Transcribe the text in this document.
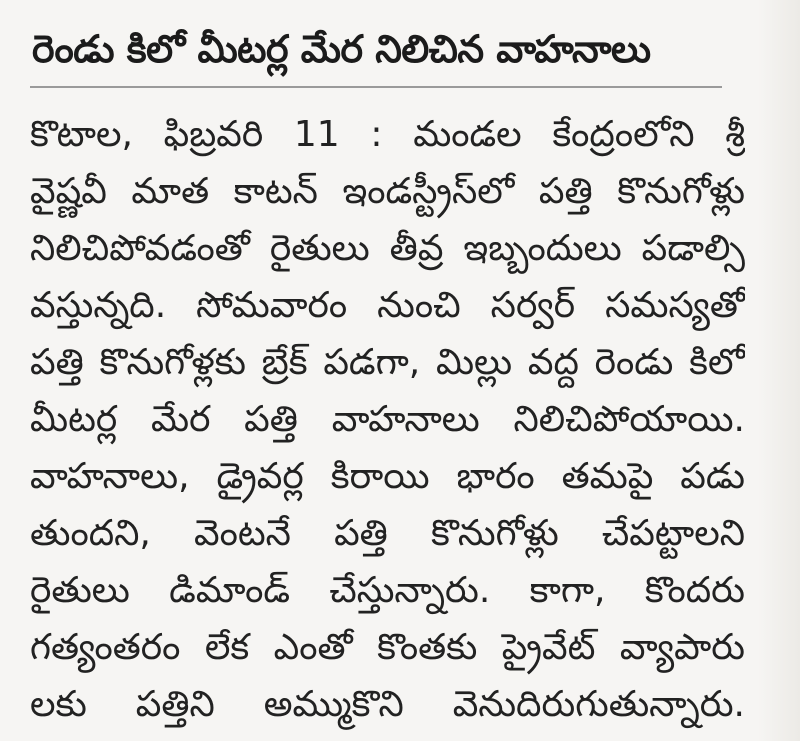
రెండు కిలో మీటర్ల మేర నిలిచిన వాహనాలు
కొటాల, ఫిబ్రవరి 11 : మండల కేంద్రంలోని శ్రీ
వైష్ణవీ మాత కాటన్ ఇండస్ట్రీస్‌లో పత్తి కొనుగోళ్లు
నిలిచిపోవడంతో రైతులు తీవ్ర ఇబ్బందులు పడాల్సి
వస్తున్నది. సోమవారం నుంచి సర్వర్ సమస్యతో
పత్తి కొనుగోళ్లకు బ్రేక్ పడగా, మిల్లు వద్ద రెండు కిలో
మీటర్ల మేర పత్తి వాహనాలు నిలిచిపోయాయి.
వాహనాలు, డ్రైవర్ల కిరాయి భారం తమపై పడు
తుందని, వెంటనే పత్తి కొనుగోళ్లు చేపట్టాలని
రైతులు డిమాండ్ చేస్తున్నారు. కాగా, కొందరు
గత్యంతరం లేక ఎంతో కొంతకు ప్రైవేట్ వ్యాపారు
లకు పత్తిని అమ్ముకొని వెనుదిరుగుతున్నారు.
